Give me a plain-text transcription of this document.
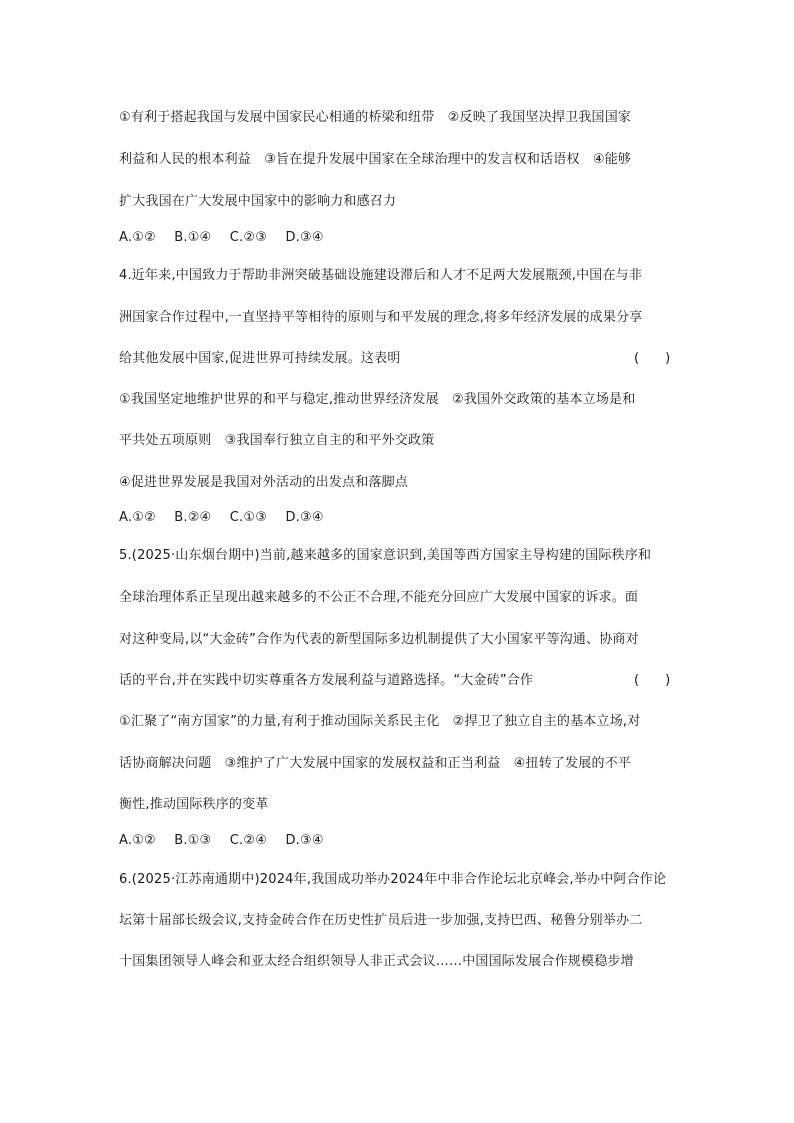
①有利于搭起我国与发展中国家民心相通的桥梁和纽带　②反映了我国坚决捍卫我国国家
利益和人民的根本利益　③旨在提升发展中国家在全球治理中的发言权和话语权　④能够
扩大我国在广大发展中国家中的影响力和感召力
A.①② B.①④ C.②③ D.③④
4.近年来,中国致力于帮助非洲突破基础设施建设滞后和人才不足两大发展瓶颈,中国在与非
洲国家合作过程中,一直坚持平等相待的原则与和平发展的理念,将多年经济发展的成果分享
给其他发展中国家,促进世界可持续发展。这表明	(　　)
①我国坚定地维护世界的和平与稳定,推动世界经济发展　②我国外交政策的基本立场是和
平共处五项原则　③我国奉行独立自主的和平外交政策
④促进世界发展是我国对外活动的出发点和落脚点
A.①② B.②④ C.①③ D.③④
5.(2025·山东烟台期中)当前,越来越多的国家意识到,美国等西方国家主导构建的国际秩序和
全球治理体系正呈现出越来越多的不公正不合理,不能充分回应广大发展中国家的诉求。面
对这种变局,以“大金砖”合作为代表的新型国际多边机制提供了大小国家平等沟通、协商对
话的平台,并在实践中切实尊重各方发展利益与道路选择。“大金砖”合作	(　　)
①汇聚了“南方国家”的力量,有利于推动国际关系民主化　②捍卫了独立自主的基本立场,对
话协商解决问题　③维护了广大发展中国家的发展权益和正当利益　④扭转了发展的不平
衡性,推动国际秩序的变革
A.①② B.①③ C.②④ D.③④
6.(2025·江苏南通期中)2024年,我国成功举办2024年中非合作论坛北京峰会,举办中阿合作论
坛第十届部长级会议,支持金砖合作在历史性扩员后进一步加强,支持巴西、秘鲁分别举办二
十国集团领导人峰会和亚太经合组织领导人非正式会议……中国国际发展合作规模稳步增
